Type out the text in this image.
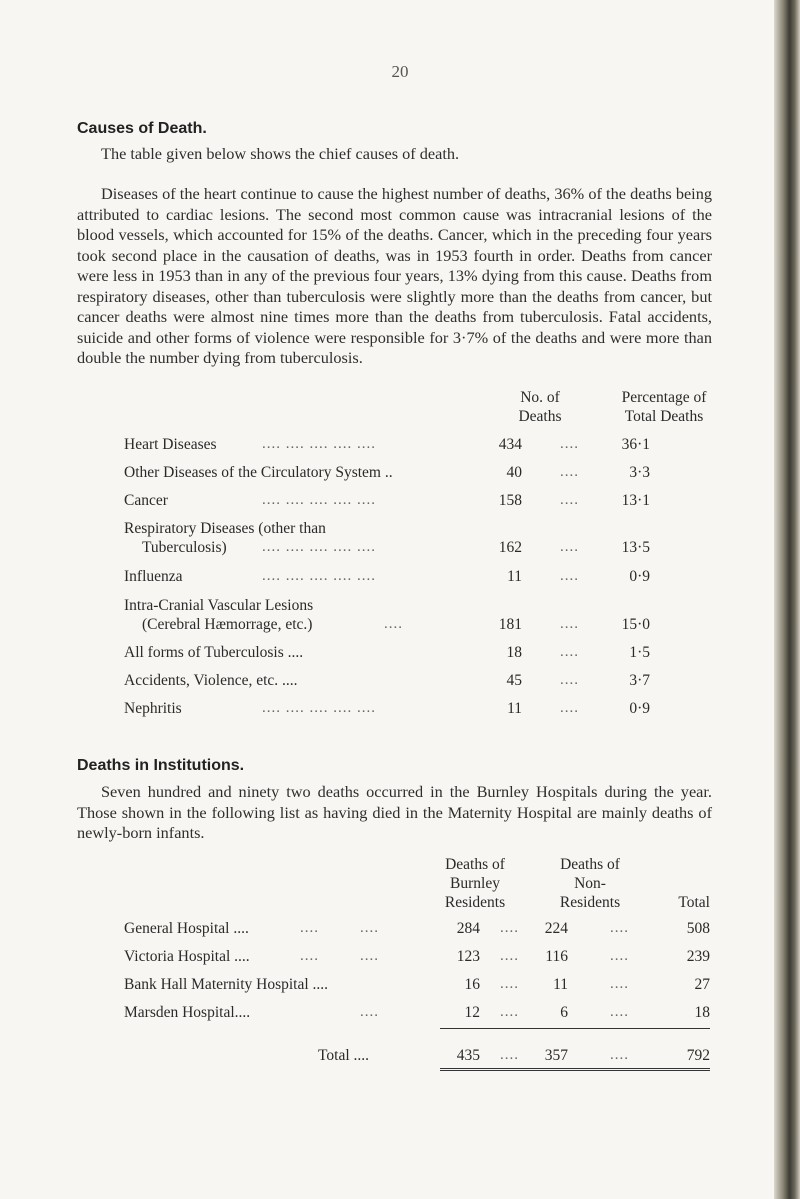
20
Causes of Death.

The table given below shows the chief causes of death.

Diseases of the heart continue to cause the highest number of deaths, 36% of the deaths being attributed to cardiac lesions. The second most common cause was intracranial lesions of the blood vessels, which accounted for 15% of the deaths. Cancer, which in the preceding four years took second place in the causation of deaths, was in 1953 fourth in order. Deaths from cancer were less in 1953 than in any of the previous four years, 13% dying from this cause. Deaths from respiratory diseases, other than tuberculosis were slightly more than the deaths from cancer, but cancer deaths were almost nine times more than the deaths from tuberculosis. Fatal accidents, suicide and other forms of violence were responsible for 3·7% of the deaths and were more than double the number dying from tuberculosis.

No. of
Deaths
Percentage of
Total Deaths
Heart Diseases	.... .... .... .... ....	434	....	36·1
Other Diseases of the Circulatory System ..	40	....	3·3
Cancer	.... .... .... .... ....	158	....	13·1
Respiratory Diseases (other than
Tuberculosis) .... .... .... .... ....	162	....	13·5
Influenza	.... .... .... .... ....	11	....	0·9
Intra-Cranial Vascular Lesions
(Cerebral Hæmorrage, etc.)	....	181	....	15·0
All forms of Tuberculosis ....	18	....	1·5
Accidents, Violence, etc. ....	45	....	3·7
Nephritis	.... .... .... .... ....	11	....	0·9
Deaths in Institutions.

Seven hundred and ninety two deaths occurred in the Burnley Hospitals during the year. Those shown in the following list as having died in the Maternity Hospital are mainly deaths of newly-born infants.

Deaths of
Burnley
Residents
Deaths of
Non-
Residents	Total
General Hospital ....	....	....	284 ....	224	....	508
Victoria Hospital ....	....	....	123 ....	116	....	239
Bank Hall Maternity Hospital ....	16 ....	11	....	27
Marsden Hospital....	....	12 ....	6	....	18
Total ....	435 ....	357	....	792
